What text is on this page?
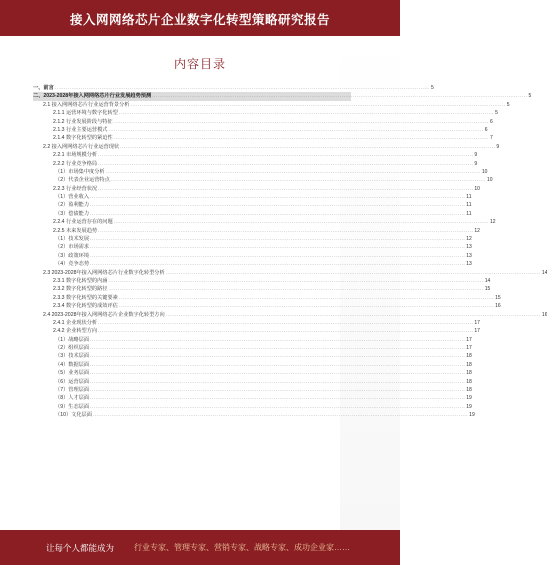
接入网网络芯片企业数字化转型策略研究报告
内容目录
一、前言 ........................................................................................................................................................................................................ 5
二、2023-2028年接入网网络芯片行业发展趋势预测 ........................................................................................................................................................................................................ 5
2.1 接入网网络芯片行业运营背景分析 ........................................................................................................................................................................................................ 5
2.1.1 运营环境与数字化转型 ........................................................................................................................................................................................................ 5
2.1.2 行业发展阶段与特征 ........................................................................................................................................................................................................ 6
2.1.3 行业主要运营模式 ........................................................................................................................................................................................................ 6
2.1.4 数字化转型的紧迫性 ........................................................................................................................................................................................................ 7
2.2 接入网网络芯片行业运营现状 ........................................................................................................................................................................................................ 9
2.2.1 市场规模分析 ........................................................................................................................................................................................................ 9
2.2.2 行业竞争格局 ........................................................................................................................................................................................................ 9
（1）市场集中度分析 ........................................................................................................................................................................................................ 10
（2）代表企业运营特点 ........................................................................................................................................................................................................ 10
2.2.3 行业经营状况 ........................................................................................................................................................................................................ 10
（1）营业收入 ........................................................................................................................................................................................................ 11
（2）盈利能力 ........................................................................................................................................................................................................ 11
（3）偿债能力 ........................................................................................................................................................................................................ 11
2.2.4 行业运营存在的问题 ........................................................................................................................................................................................................ 12
2.2.5 未来发展趋势 ........................................................................................................................................................................................................ 12
（1）技术发展 ........................................................................................................................................................................................................ 12
（2）市场需求 ........................................................................................................................................................................................................ 13
（3）政策环境 ........................................................................................................................................................................................................ 13
（4）竞争态势 ........................................................................................................................................................................................................ 13
2.3 2023-2028年接入网网络芯片行业数字化转型分析 ........................................................................................................................................................................................................ 14
2.3.1 数字化转型的内涵 ........................................................................................................................................................................................................ 14
2.3.2 数字化转型的路径 ........................................................................................................................................................................................................ 15
2.3.3 数字化转型的关键要素 ........................................................................................................................................................................................................ 15
2.3.4 数字化转型的成效评估 ........................................................................................................................................................................................................ 16
2.4 2023-2028年接入网网络芯片企业数字化转型方向 ........................................................................................................................................................................................................ 16
2.4.1 企业现状分析 ........................................................................................................................................................................................................ 17
2.4.2 企业转型方向 ........................................................................................................................................................................................................ 17
（1）战略层面 ........................................................................................................................................................................................................ 17
（2）组织层面 ........................................................................................................................................................................................................ 17
（3）技术层面 ........................................................................................................................................................................................................ 18
（4）数据层面 ........................................................................................................................................................................................................ 18
（5）业务层面 ........................................................................................................................................................................................................ 18
（6）运营层面 ........................................................................................................................................................................................................ 18
（7）管理层面 ........................................................................................................................................................................................................ 18
（8）人才层面 ........................................................................................................................................................................................................ 19
（9）生态层面 ........................................................................................................................................................................................................ 19
（10）文化层面 ........................................................................................................................................................................................................ 19
让每个人都能成为 行业专家、管理专家、营销专家、战略专家、成功企业家……
